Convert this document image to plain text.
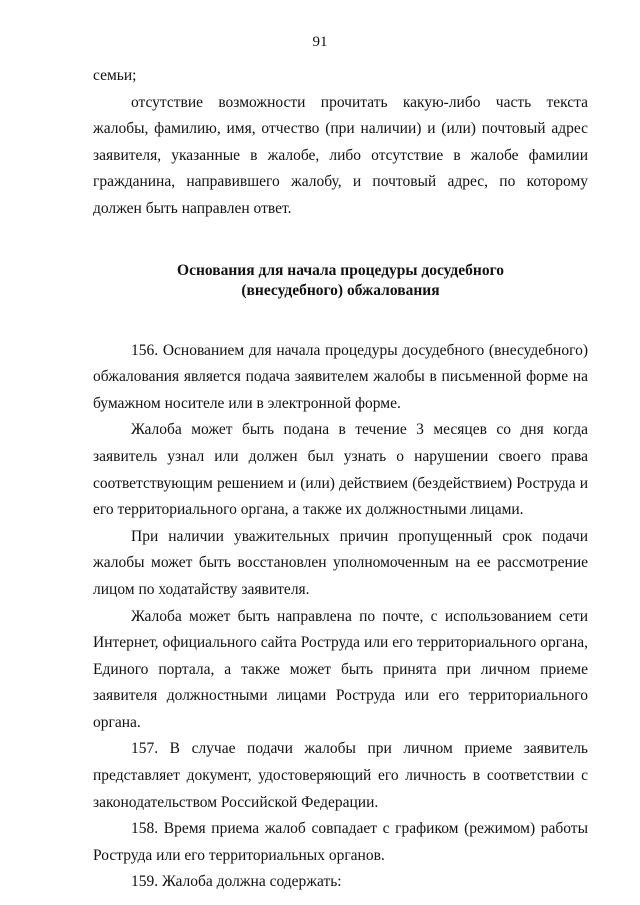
91

семьи;

отсутствие возможности прочитать какую-либо часть текста жалобы, фамилию, имя, отчество (при наличии) и (или) почтовый адрес заявителя, указанные в жалобе, либо отсутствие в жалобе фамилии гражданина, направившего жалобу, и почтовый адрес, по которому должен быть направлен ответ.

Основания для начала процедуры досудебного
(внесудебного) обжалования

156. Основанием для начала процедуры досудебного (внесудебного) обжалования является подача заявителем жалобы в письменной форме на бумажном носителе или в электронной форме.

Жалоба может быть подана в течение 3 месяцев со дня когда заявитель узнал или должен был узнать о нарушении своего права соответствующим решением и (или) действием (бездействием) Роструда и его территориального органа, а также их должностными лицами.

При наличии уважительных причин пропущенный срок подачи жалобы может быть восстановлен уполномоченным на ее рассмотрение лицом по ходатайству заявителя.

Жалоба может быть направлена по почте, с использованием сети Интернет, официального сайта Роструда или его территориального органа, Единого портала, а также может быть принята при личном приеме заявителя должностными лицами Роструда или его территориального органа.

157. В случае подачи жалобы при личном приеме заявитель представляет документ, удостоверяющий его личность в соответствии с законодательством Российской Федерации.

158. Время приема жалоб совпадает с графиком (режимом) работы Роструда или его территориальных органов.

159. Жалоба должна содержать:
